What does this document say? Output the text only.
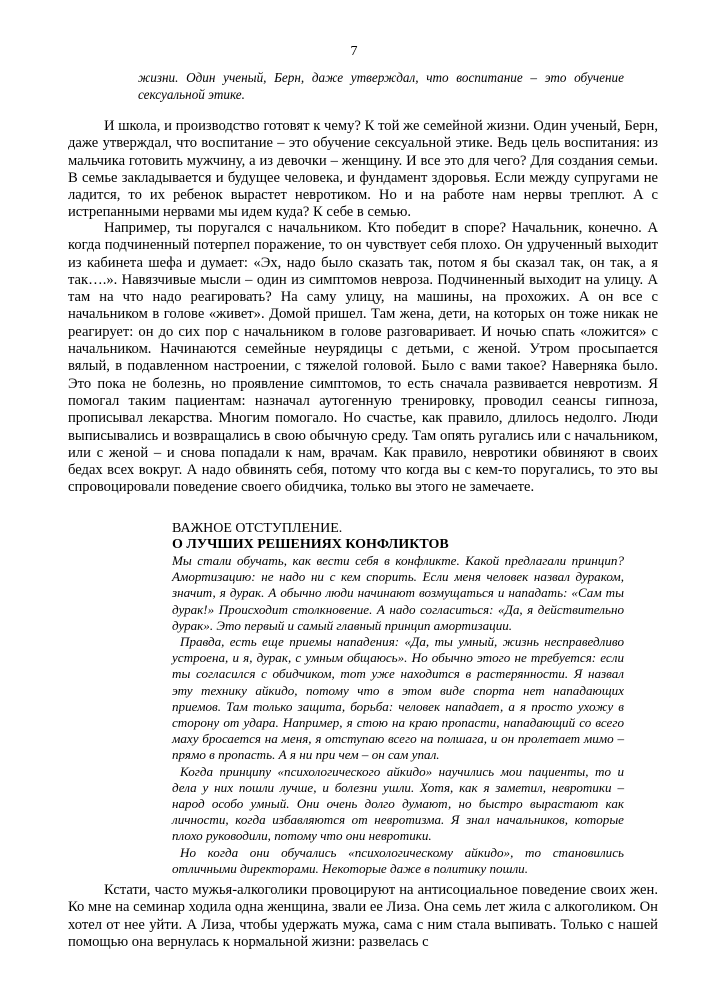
7

жизни. Один ученый, Берн, даже утверждал, что воспитание – это обучение сексуальной этике.

И школа, и производство готовят к чему? К той же семейной жизни. Один ученый, Берн, даже утверждал, что воспитание – это обучение сексуальной этике. Ведь цель воспитания: из мальчика готовить мужчину, а из девочки – женщину. И все это для чего? Для создания семьи. В семье закладывается и будущее человека, и фундамент здоровья. Если между супругами не ладится, то их ребенок вырастет невротиком. Но и на работе нам нервы треплют. А с истрепанными нервами мы идем куда? К себе в семью.

Например, ты поругался с начальником. Кто победит в споре? Начальник, конечно. А когда подчиненный потерпел поражение, то он чувствует себя плохо. Он удрученный выходит из кабинета шефа и думает: «Эх, надо было сказать так, потом я бы сказал так, он так, а я так….». Навязчивые мысли – один из симптомов невроза. Подчиненный выходит на улицу. А там на что надо реагировать? На саму улицу, на машины, на прохожих. А он все с начальником в голове «живет». Домой пришел. Там жена, дети, на которых он тоже никак не реагирует: он до сих пор с начальником в голове разговаривает. И ночью спать «ложится» с начальником. Начинаются семейные неурядицы с детьми, с женой. Утром просыпается вялый, в подавленном настроении, с тяжелой головой. Было с вами такое? Наверняка было. Это пока не болезнь, но проявление симптомов, то есть сначала развивается невротизм. Я помогал таким пациентам: назначал аутогенную тренировку, проводил сеансы гипноза, прописывал лекарства. Многим помогало. Но счастье, как правило, длилось недолго. Люди выписывались и возвращались в свою обычную среду. Там опять ругались или с начальником, или с женой – и снова попадали к нам, врачам. Как правило, невротики обвиняют в своих бедах всех вокруг. А надо обвинять себя, потому что когда вы с кем-то поругались, то это вы спровоцировали поведение своего обидчика, только вы этого не замечаете.

ВАЖНОЕ ОТСТУПЛЕНИЕ.
О ЛУЧШИХ РЕШЕНИЯХ КОНФЛИКТОВ

Мы стали обучать, как вести себя в конфликте. Какой предлагали принцип? Амортизацию: не надо ни с кем спорить. Если меня человек назвал дураком, значит, я дурак. А обычно люди начинают возмущаться и нападать: «Сам ты дурак!» Происходит столкновение. А надо согласиться: «Да, я действительно дурак». Это первый и самый главный принцип амортизации.

Правда, есть еще приемы нападения: «Да, ты умный, жизнь несправедливо устроена, и я, дурак, с умным общаюсь». Но обычно этого не требуется: если ты согласился с обидчиком, тот уже находится в растерянности. Я назвал эту технику айкидо, потому что в этом виде спорта нет нападающих приемов. Там только защита, борьба: человек нападает, а я просто ухожу в сторону от удара. Например, я стою на краю пропасти, нападающий со всего маху бросается на меня, я отступаю всего на полшага, и он пролетает мимо – прямо в пропасть. А я ни при чем – он сам упал.

Когда принципу «психологического айкидо» научились мои пациенты, то и дела у них пошли лучше, и болезни ушли. Хотя, как я заметил, невротики – народ особо умный. Они очень долго думают, но быстро вырастают как личности, когда избавляются от невротизма. Я знал начальников, которые плохо руководили, потому что они невротики.

Но когда они обучались «психологическому айкидо», то становились отличными директорами. Некоторые даже в политику пошли.

Кстати, часто мужья-алкоголики провоцируют на антисоциальное поведение своих жен. Ко мне на семинар ходила одна женщина, звали ее Лиза. Она семь лет жила с алкоголиком. Он хотел от нее уйти. А Лиза, чтобы удержать мужа, сама с ним стала выпивать. Только с нашей помощью она вернулась к нормальной жизни: развелась с
